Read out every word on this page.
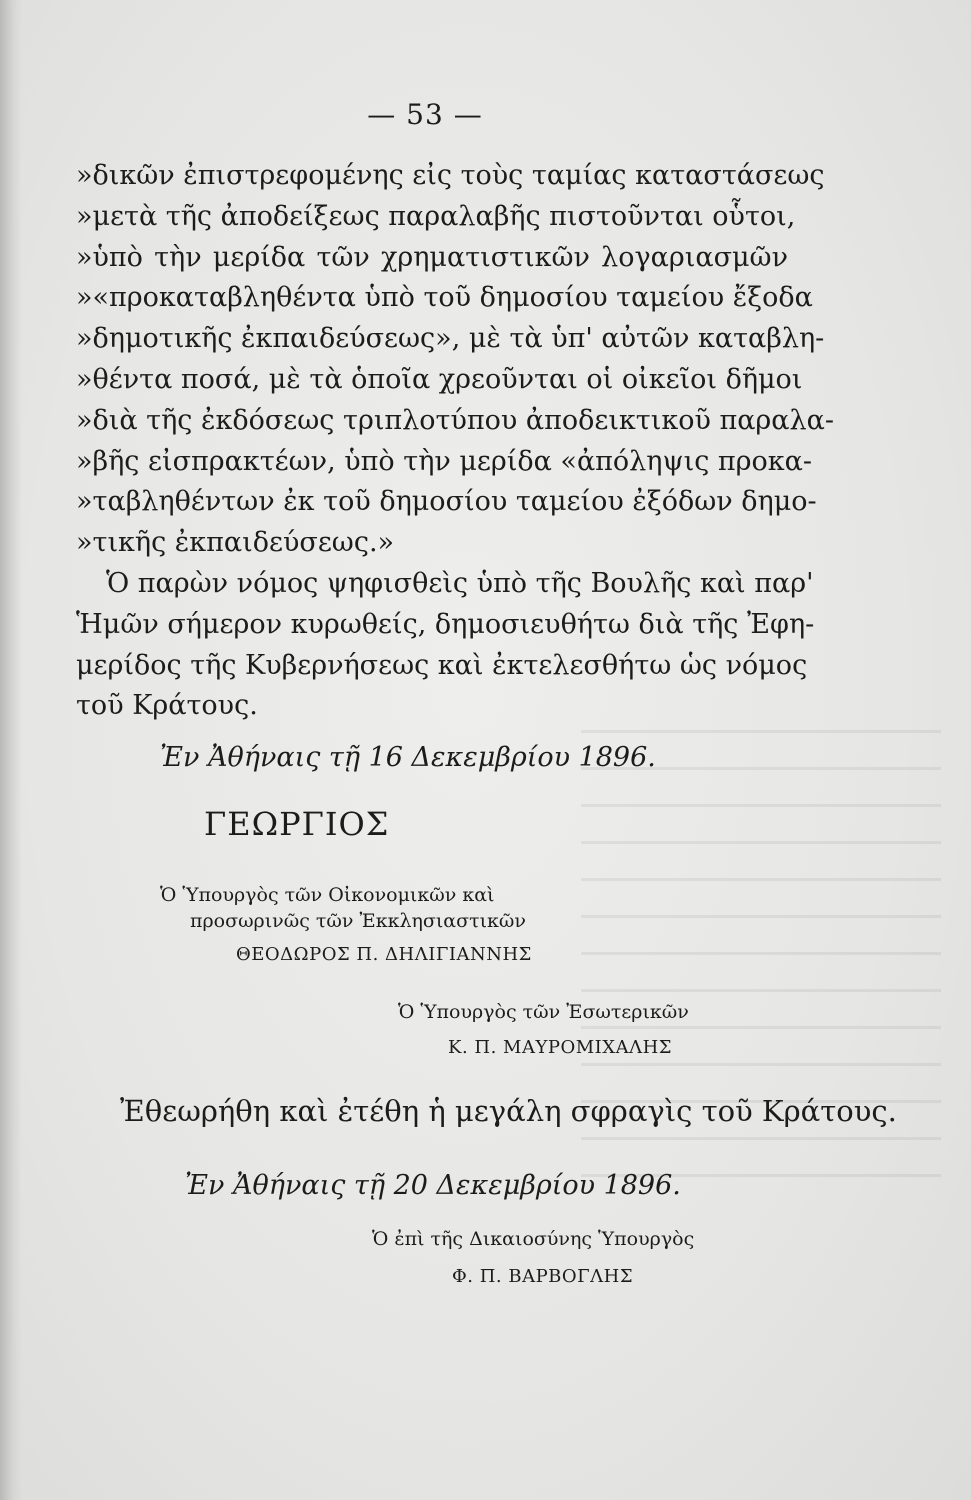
— 53 —
»δικῶν ἐπιστρεφομένης εἰς τοὺς ταμίας καταστάσεως
»μετὰ τῆς ἀποδείξεως παραλαβῆς πιστοῦνται οὗτοι,
»ὑπὸ τὴν μερίδα τῶν χρηματιστικῶν λογαριασμῶν
»«προκαταβληθέντα ὑπὸ τοῦ δημοσίου ταμείου ἔξοδα
»δημοτικῆς ἐκπαιδεύσεως», μὲ τὰ ὑπ' αὐτῶν καταβλη-
»θέντα ποσά, μὲ τὰ ὁποῖα χρεοῦνται οἱ οἰκεῖοι δῆμοι
»διὰ τῆς ἐκδόσεως τριπλοτύπου ἀποδεικτικοῦ παραλα-
»βῆς εἰσπρακτέων, ὑπὸ τὴν μερίδα «ἀπόληψις προκα-
»ταβληθέντων ἐκ τοῦ δημοσίου ταμείου ἐξόδων δημο-
»τικῆς ἐκπαιδεύσεως.»
Ὁ παρὼν νόμος ψηφισθεὶς ὑπὸ τῆς Βουλῆς καὶ παρ'
Ἡμῶν σήμερον κυρωθείς, δημοσιευθήτω διὰ τῆς Ἐφη-
μερίδος τῆς Κυβερνήσεως καὶ ἐκτελεσθήτω ὡς νόμος
τοῦ Κράτους.
Ἐν Ἀθήναις τῇ 16 Δεκεμβρίου 1896.
ΓΕΩΡΓΙΟΣ
Ὁ Ὑπουργὸς τῶν Οἰκονομικῶν καὶ
προσωρινῶς τῶν Ἐκκλησιαστικῶν
ΘΕΟΔΩΡΟΣ Π. ΔΗΛΙΓΙΑΝΝΗΣ
Ὁ Ὑπουργὸς τῶν Ἐσωτερικῶν
Κ. Π. ΜΑΥΡΟΜΙΧΑΛΗΣ
Ἐθεωρήθη καὶ ἐτέθη ἡ μεγάλη σφραγὶς τοῦ Κράτους.
Ἐν Ἀθήναις τῇ 20 Δεκεμβρίου 1896.
Ὁ ἐπὶ τῆς Δικαιοσύνης Ὑπουργὸς
Φ. Π. ΒΑΡΒΟΓΛΗΣ
